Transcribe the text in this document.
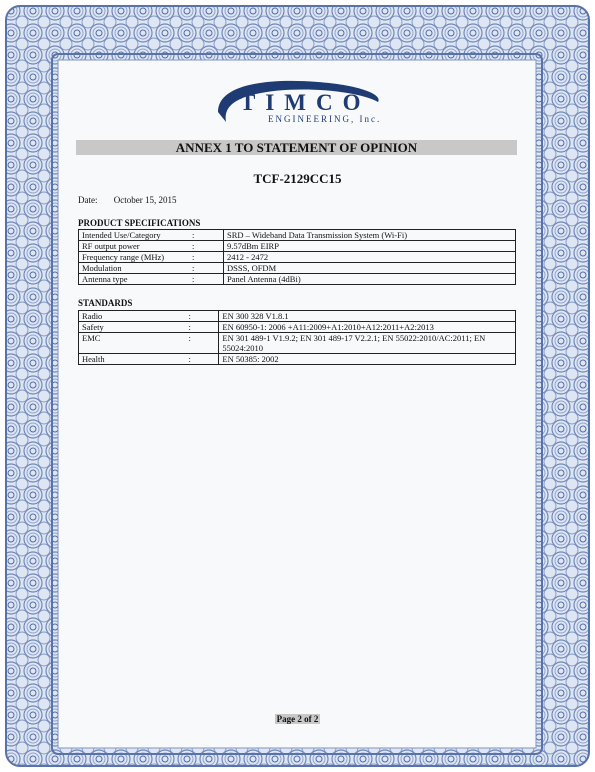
TIMCO
ENGINEERING, Inc.
ANNEX 1 TO STATEMENT OF OPINION
TCF-2129CC15
Date: October 15, 2015
PRODUCT SPECIFICATIONS
Intended Use/Category	:	SRD – Wideband Data Transmission System (Wi-Fi)
RF output power	:	9.57dBm EIRP
Frequency range (MHz)	:	2412 - 2472
Modulation	:	DSSS, OFDM
Antenna type	:	Panel Antenna (4dBi)
STANDARDS
Radio	:	EN 300 328 V1.8.1
Safety	:	EN 60950-1: 2006 +A11:2009+A1:2010+A12:2011+A2:2013
EMC	:	EN 301 489-1 V1.9.2; EN 301 489-17 V2.2.1; EN 55022:2010/AC:2011; EN 55024:2010
Health	:	EN 50385: 2002
Page 2 of 2
